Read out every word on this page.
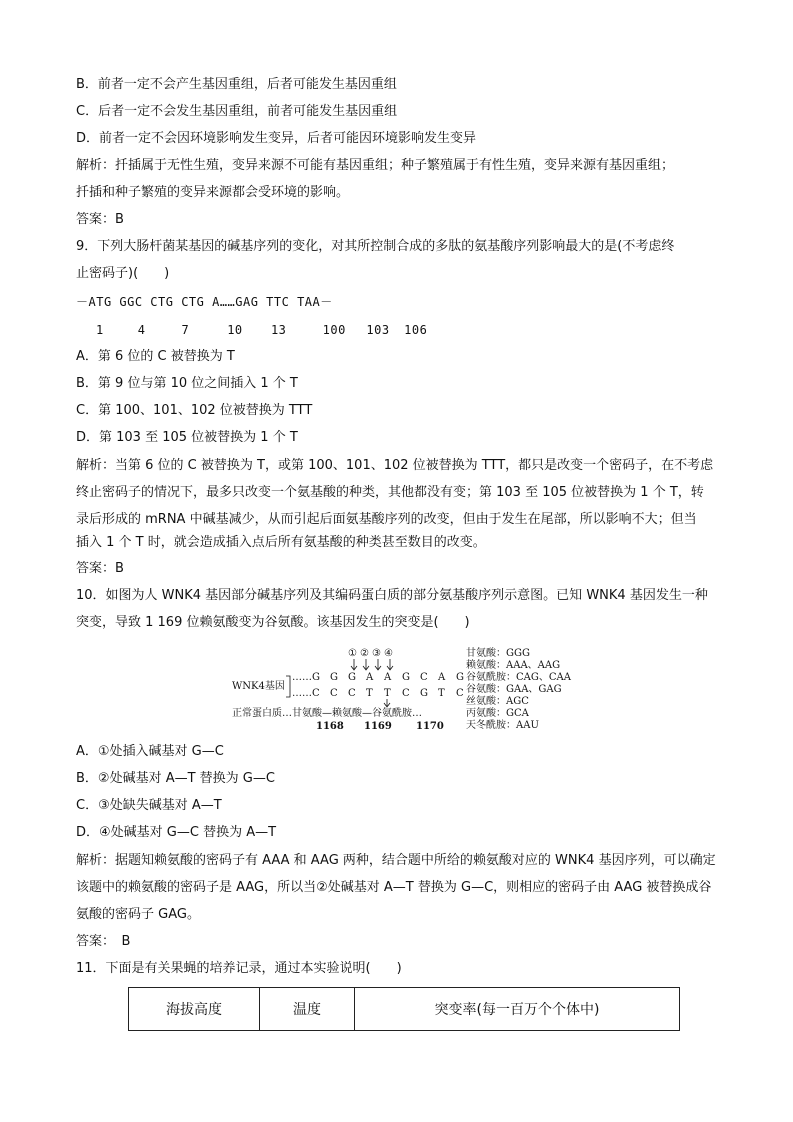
B．前者一定不会产生基因重组，后者可能发生基因重组
C．后者一定不会发生基因重组，前者可能发生基因重组
D．前者一定不会因环境影响发生变异，后者可能因环境影响发生变异
解析：扦插属于无性生殖，变异来源不可能有基因重组；种子繁殖属于有性生殖，变异来源有基因重组；
扦插和种子繁殖的变异来源都会受环境的影响。
答案：B
9．下列大肠杆菌某基因的碱基序列的变化，对其所控制合成的多肽的氨基酸序列影响最大的是(不考虑终
止密码子)(　　)
－ATG GGC CTG CTG A……GAG TTC TAA－
1	4	7	10 13	100 103 106
A．第 6 位的 C 被替换为 T
B．第 9 位与第 10 位之间插入 1 个 T
C．第 100、101、102 位被替换为 TTT
D．第 103 至 105 位被替换为 1 个 T
解析：当第 6 位的 C 被替换为 T，或第 100、101、102 位被替换为 TTT，都只是改变一个密码子，在不考虑
终止密码子的情况下，最多只改变一个氨基酸的种类，其他都没有变；第 103 至 105 位被替换为 1 个 T，转
录后形成的 mRNA 中碱基减少，从而引起后面氨基酸序列的改变，但由于发生在尾部，所以影响不大；但当
插入 1 个 T 时，就会造成插入点后所有氨基酸的种类甚至数目的改变。
答案：B
10．如图为人 WNK4 基因部分碱基序列及其编码蛋白质的部分氨基酸序列示意图。已知 WNK4 基因发生一种
突变，导致 1 169 位赖氨酸变为谷氨酸。该基因发生的突变是(　　)
WNK4基因
……
……
G G G A A G C A G
C C C T T C G T C
① ② ③ ④
正常蛋白质…甘氨酸—赖氨酸—谷氨酰胺…
1168 1169 1170
甘氨酸：GGG
赖氨酸：AAA、AAG
谷氨酰胺：CAG、CAA
谷氨酸：GAA、GAG
丝氨酸：AGC
丙氨酸：GCA
天冬酰胺：AAU
A．①处插入碱基对 G—C
B．②处碱基对 A—T 替换为 G—C
C．③处缺失碱基对 A—T
D．④处碱基对 G—C 替换为 A—T
解析：据题知赖氨酸的密码子有 AAA 和 AAG 两种，结合题中所给的赖氨酸对应的 WNK4 基因序列，可以确定
该题中的赖氨酸的密码子是 AAG，所以当②处碱基对 A—T 替换为 G—C，则相应的密码子由 AAG 被替换成谷
氨酸的密码子 GAG。
答案：　B
11．下面是有关果蝇的培养记录，通过本实验说明(　　)
海拔高度	温度	突变率(每一百万个个体中)
